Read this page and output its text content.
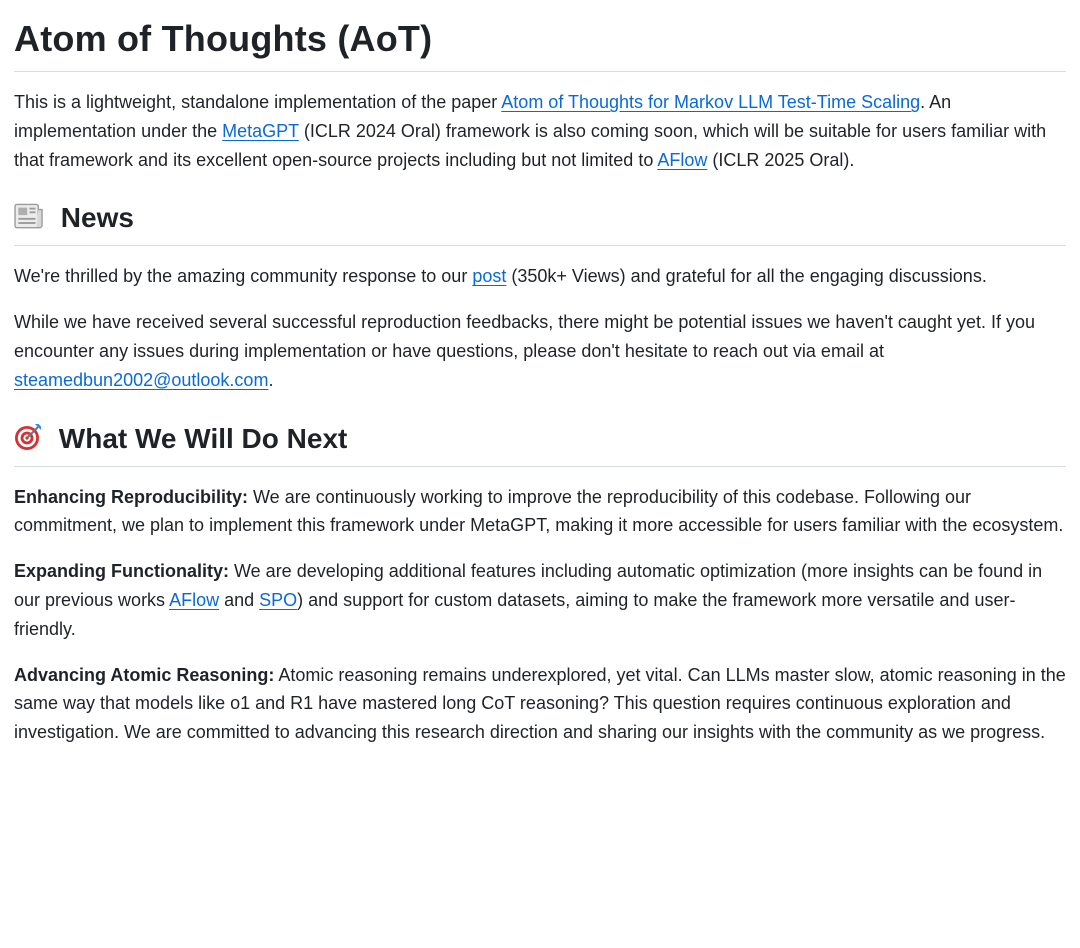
Atom of Thoughts (AoT)

This is a lightweight, standalone implementation of the paper Atom of Thoughts for Markov LLM Test-Time Scaling. An implementation under the MetaGPT (ICLR 2024 Oral) framework is also coming soon, which will be suitable for users familiar with that framework and its excellent open-source projects including but not limited to AFlow (ICLR 2025 Oral).

News

We're thrilled by the amazing community response to our post (350k+ Views) and grateful for all the engaging discussions.

While we have received several successful reproduction feedbacks, there might be potential issues we haven't caught yet. If you encounter any issues during implementation or have questions, please don't hesitate to reach out via email at steamedbun2002@outlook.com.

What We Will Do Next

Enhancing Reproducibility: We are continuously working to improve the reproducibility of this codebase. Following our commitment, we plan to implement this framework under MetaGPT, making it more accessible for users familiar with the ecosystem.

Expanding Functionality: We are developing additional features including automatic optimization (more insights can be found in our previous works AFlow and SPO) and support for custom datasets, aiming to make the framework more versatile and user-friendly.

Advancing Atomic Reasoning: Atomic reasoning remains underexplored, yet vital. Can LLMs master slow, atomic reasoning in the same way that models like o1 and R1 have mastered long CoT reasoning? This question requires continuous exploration and investigation. We are committed to advancing this research direction and sharing our insights with the community as we progress.
